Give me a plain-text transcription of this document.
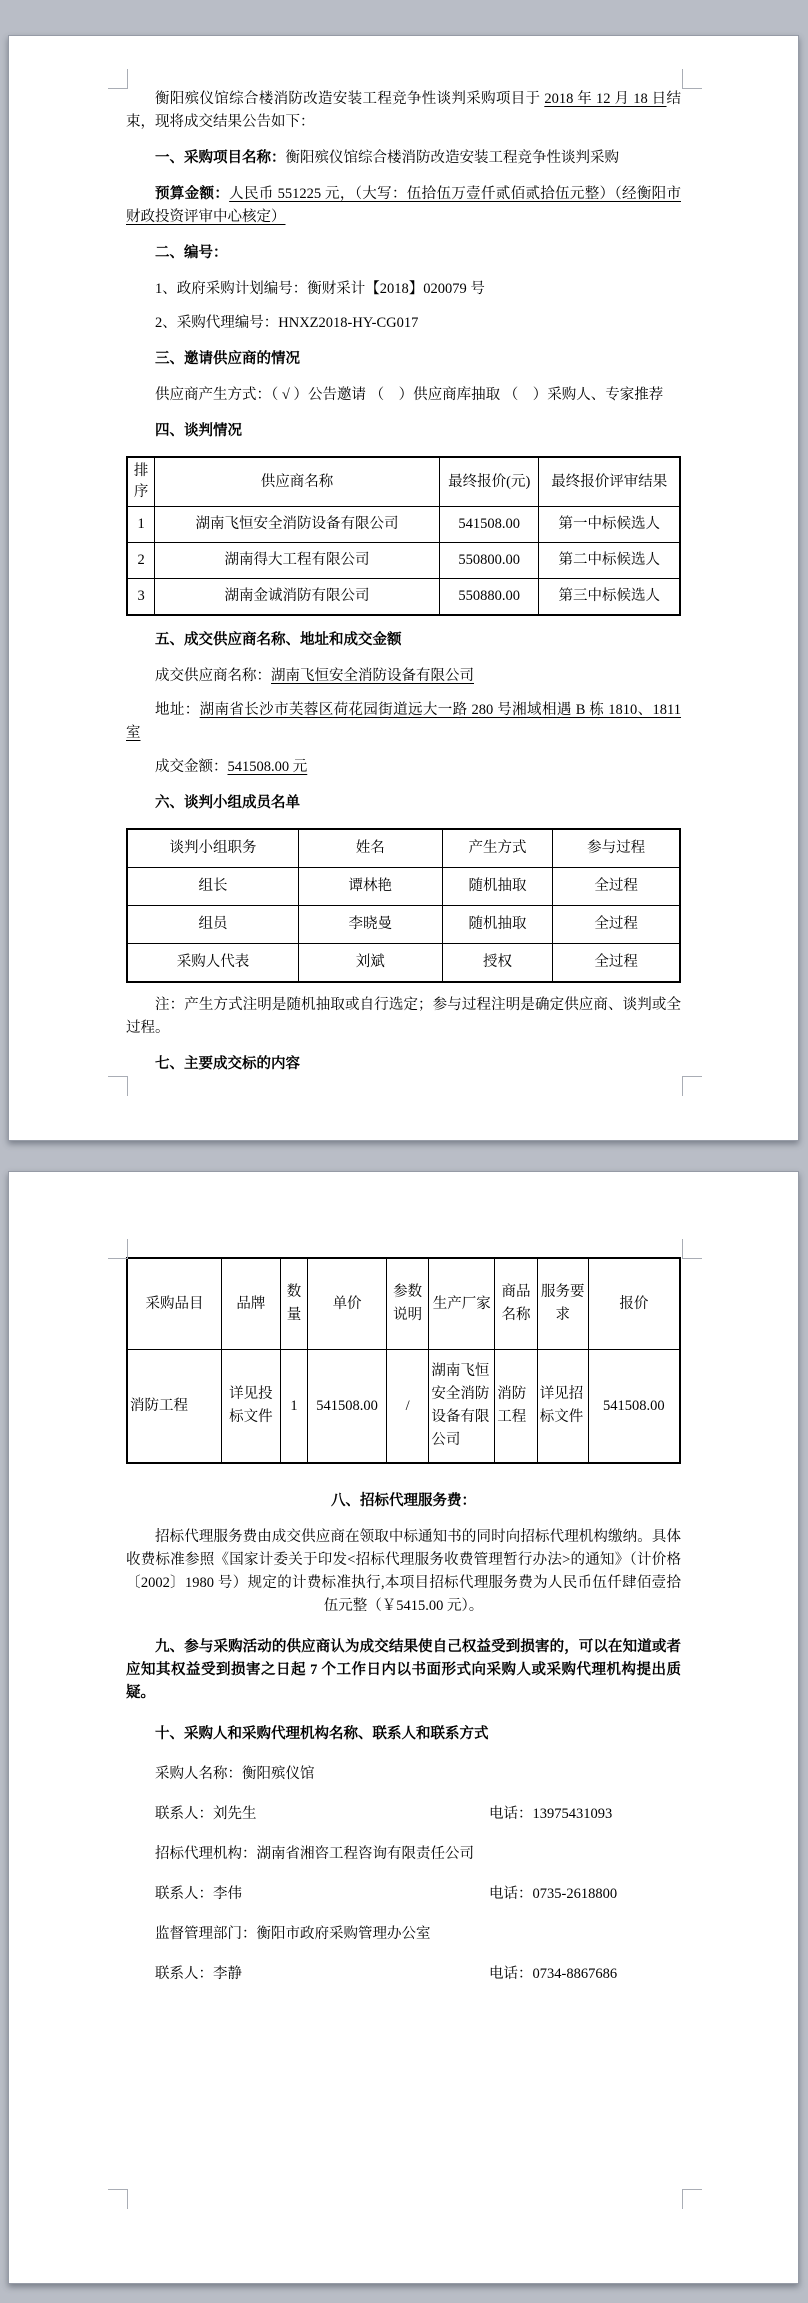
衡阳殡仪馆综合楼消防改造安装工程竞争性谈判采购项目于 2018 年 12 月 18 日结束，现将成交结果公告如下：

一、采购项目名称：衡阳殡仪馆综合楼消防改造安装工程竞争性谈判采购

预算金额：人民币 551225 元，（大写：伍拾伍万壹仟贰佰贰拾伍元整）（经衡阳市财政投资评审中心核定）

二、编号：

1、政府采购计划编号：衡财采计【2018】020079 号

2、采购代理编号：HNXZ2018-HY-CG017

三、邀请供应商的情况

供应商产生方式：（ √ ）公告邀请 （　）供应商库抽取 （　）采购人、专家推荐

四、谈判情况

排序	供应商名称	最终报价(元)	最终报价评审结果
1	湖南飞恒安全消防设备有限公司	541508.00	第一中标候选人
2	湖南得大工程有限公司	550800.00	第二中标候选人
3	湖南金诚消防有限公司	550880.00	第三中标候选人

五、成交供应商名称、地址和成交金额

成交供应商名称：湖南飞恒安全消防设备有限公司

地址：湖南省长沙市芙蓉区荷花园街道远大一路 280 号湘域相遇 B 栋 1810、1811 室

成交金额：541508.00 元

六、谈判小组成员名单

谈判小组职务	姓名	产生方式	参与过程
组长	谭林艳	随机抽取	全过程
组员	李晓曼	随机抽取	全过程
采购人代表	刘斌	授权	全过程

注：产生方式注明是随机抽取或自行选定；参与过程注明是确定供应商、谈判或全过程。

七、主要成交标的内容

采购品目	品牌	数量	单价	参数说明	生产厂家	商品名称	服务要求	报价
消防工程	详见投标文件	1	541508.00	/	湖南飞恒安全消防设备有限公司	消防工程	详见招标文件	541508.00

八、招标代理服务费：

招标代理服务费由成交供应商在领取中标通知书的同时向招标代理机构缴纳。具体收费标准参照《国家计委关于印发<招标代理服务收费管理暂行办法>的通知》（计价格〔2002〕1980 号）规定的计费标准执行,本项目招标代理服务费为人民币伍仟肆佰壹拾伍元整（￥5415.00 元）。

九、参与采购活动的供应商认为成交结果使自己权益受到损害的，可以在知道或者应知其权益受到损害之日起 7 个工作日内以书面形式向采购人或采购代理机构提出质疑。

十、采购人和采购代理机构名称、联系人和联系方式

采购人名称：衡阳殡仪馆

联系人：刘先生	电话：13975431093

招标代理机构：湖南省湘咨工程咨询有限责任公司

联系人：李伟	电话：0735-2618800

监督管理部门：衡阳市政府采购管理办公室

联系人：李静	电话：0734-8867686
